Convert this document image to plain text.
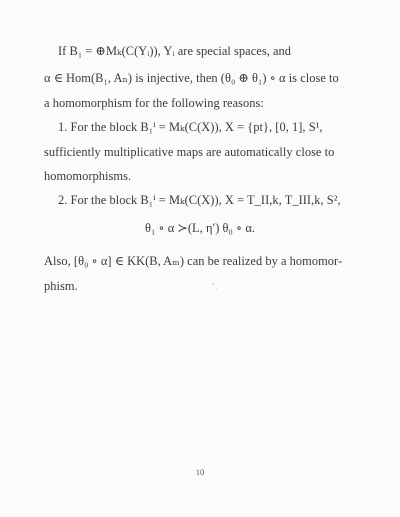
If B₁ = ⊕Mₖ(C(Yᵢ)), Yᵢ are special spaces, and
α ∈ Hom(B₁, Aₙ) is injective, then (θ₀ ⊕ θ₁) ∘ α is close to
a homomorphism for the following reasons:
1. For the block B₁ⁱ = Mₖ(C(X)), X = {pt}, [0, 1], S¹,
sufficiently multiplicative maps are automatically close to
homomorphisms.
2. For the block B₁ⁱ = Mₖ(C(X)), X = T_II,k, T_III,k, S²,
θ₁ ∘ α ≻(L, η′) θ₀ ∘ α.
Also, [θ₀ ∘ α] ∈ KK(B, Aₘ) can be realized by a homomor-
phism.
10
